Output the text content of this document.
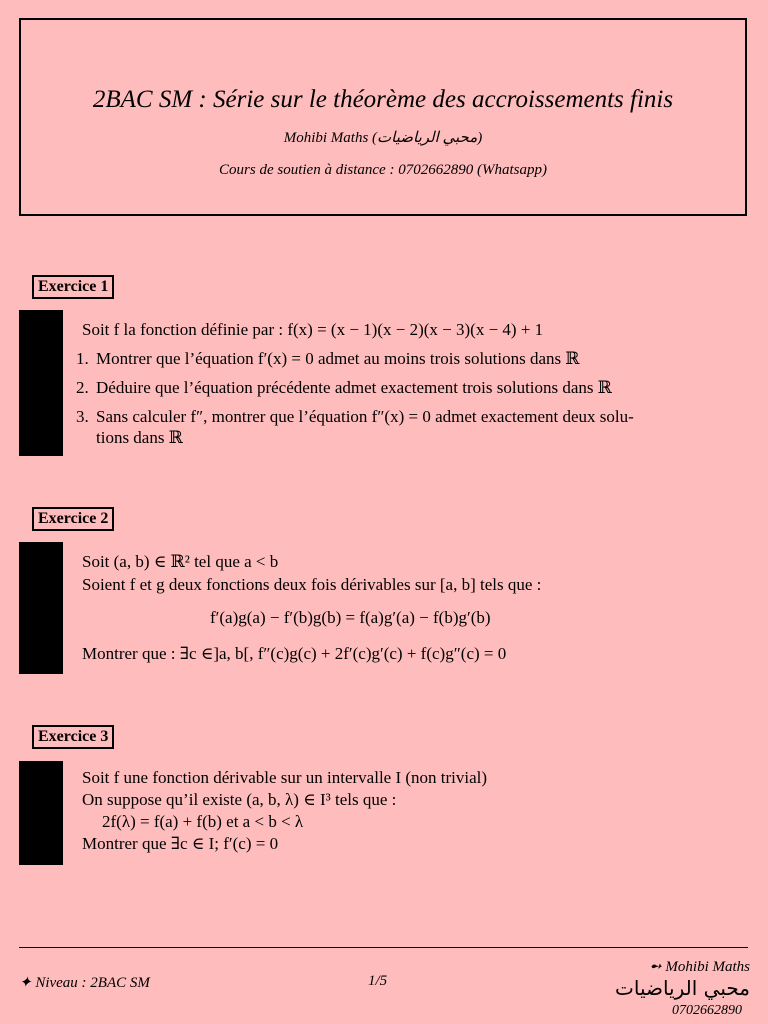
2BAC SM : Série sur le théorème des accroissements finis
Mohibi Maths (محبي الرياضيات)
Cours de soutien à distance : 0702662890 (Whatsapp)
Exercice 1
Soit f la fonction définie par : f(x) = (x − 1)(x − 2)(x − 3)(x − 4) + 1
1. Montrer que l’équation f′(x) = 0 admet au moins trois solutions dans ℝ
2. Déduire que l’équation précédente admet exactement trois solutions dans ℝ
3. Sans calculer f″, montrer que l’équation f″(x) = 0 admet exactement deux solu-
tions dans ℝ
Exercice 2
Soit (a, b) ∈ ℝ² tel que a < b
Soient f et g deux fonctions deux fois dérivables sur [a, b] tels que :
f′(a)g(a) − f′(b)g(b) = f(a)g′(a) − f(b)g′(b)
Montrer que : ∃c ∈]a, b[, f″(c)g(c) + 2f′(c)g′(c) + f(c)g″(c) = 0
Exercice 3
Soit f une fonction dérivable sur un intervalle I (non trivial)
On suppose qu’il existe (a, b, λ) ∈ I³ tels que :
2f(λ) = f(a) + f(b) et a < b < λ
Montrer que ∃c ∈ I; f′(c) = 0
✦ Niveau : 2BAC SM	1/5
➻ Mohibi Maths
محبي الرياضيات
0702662890
